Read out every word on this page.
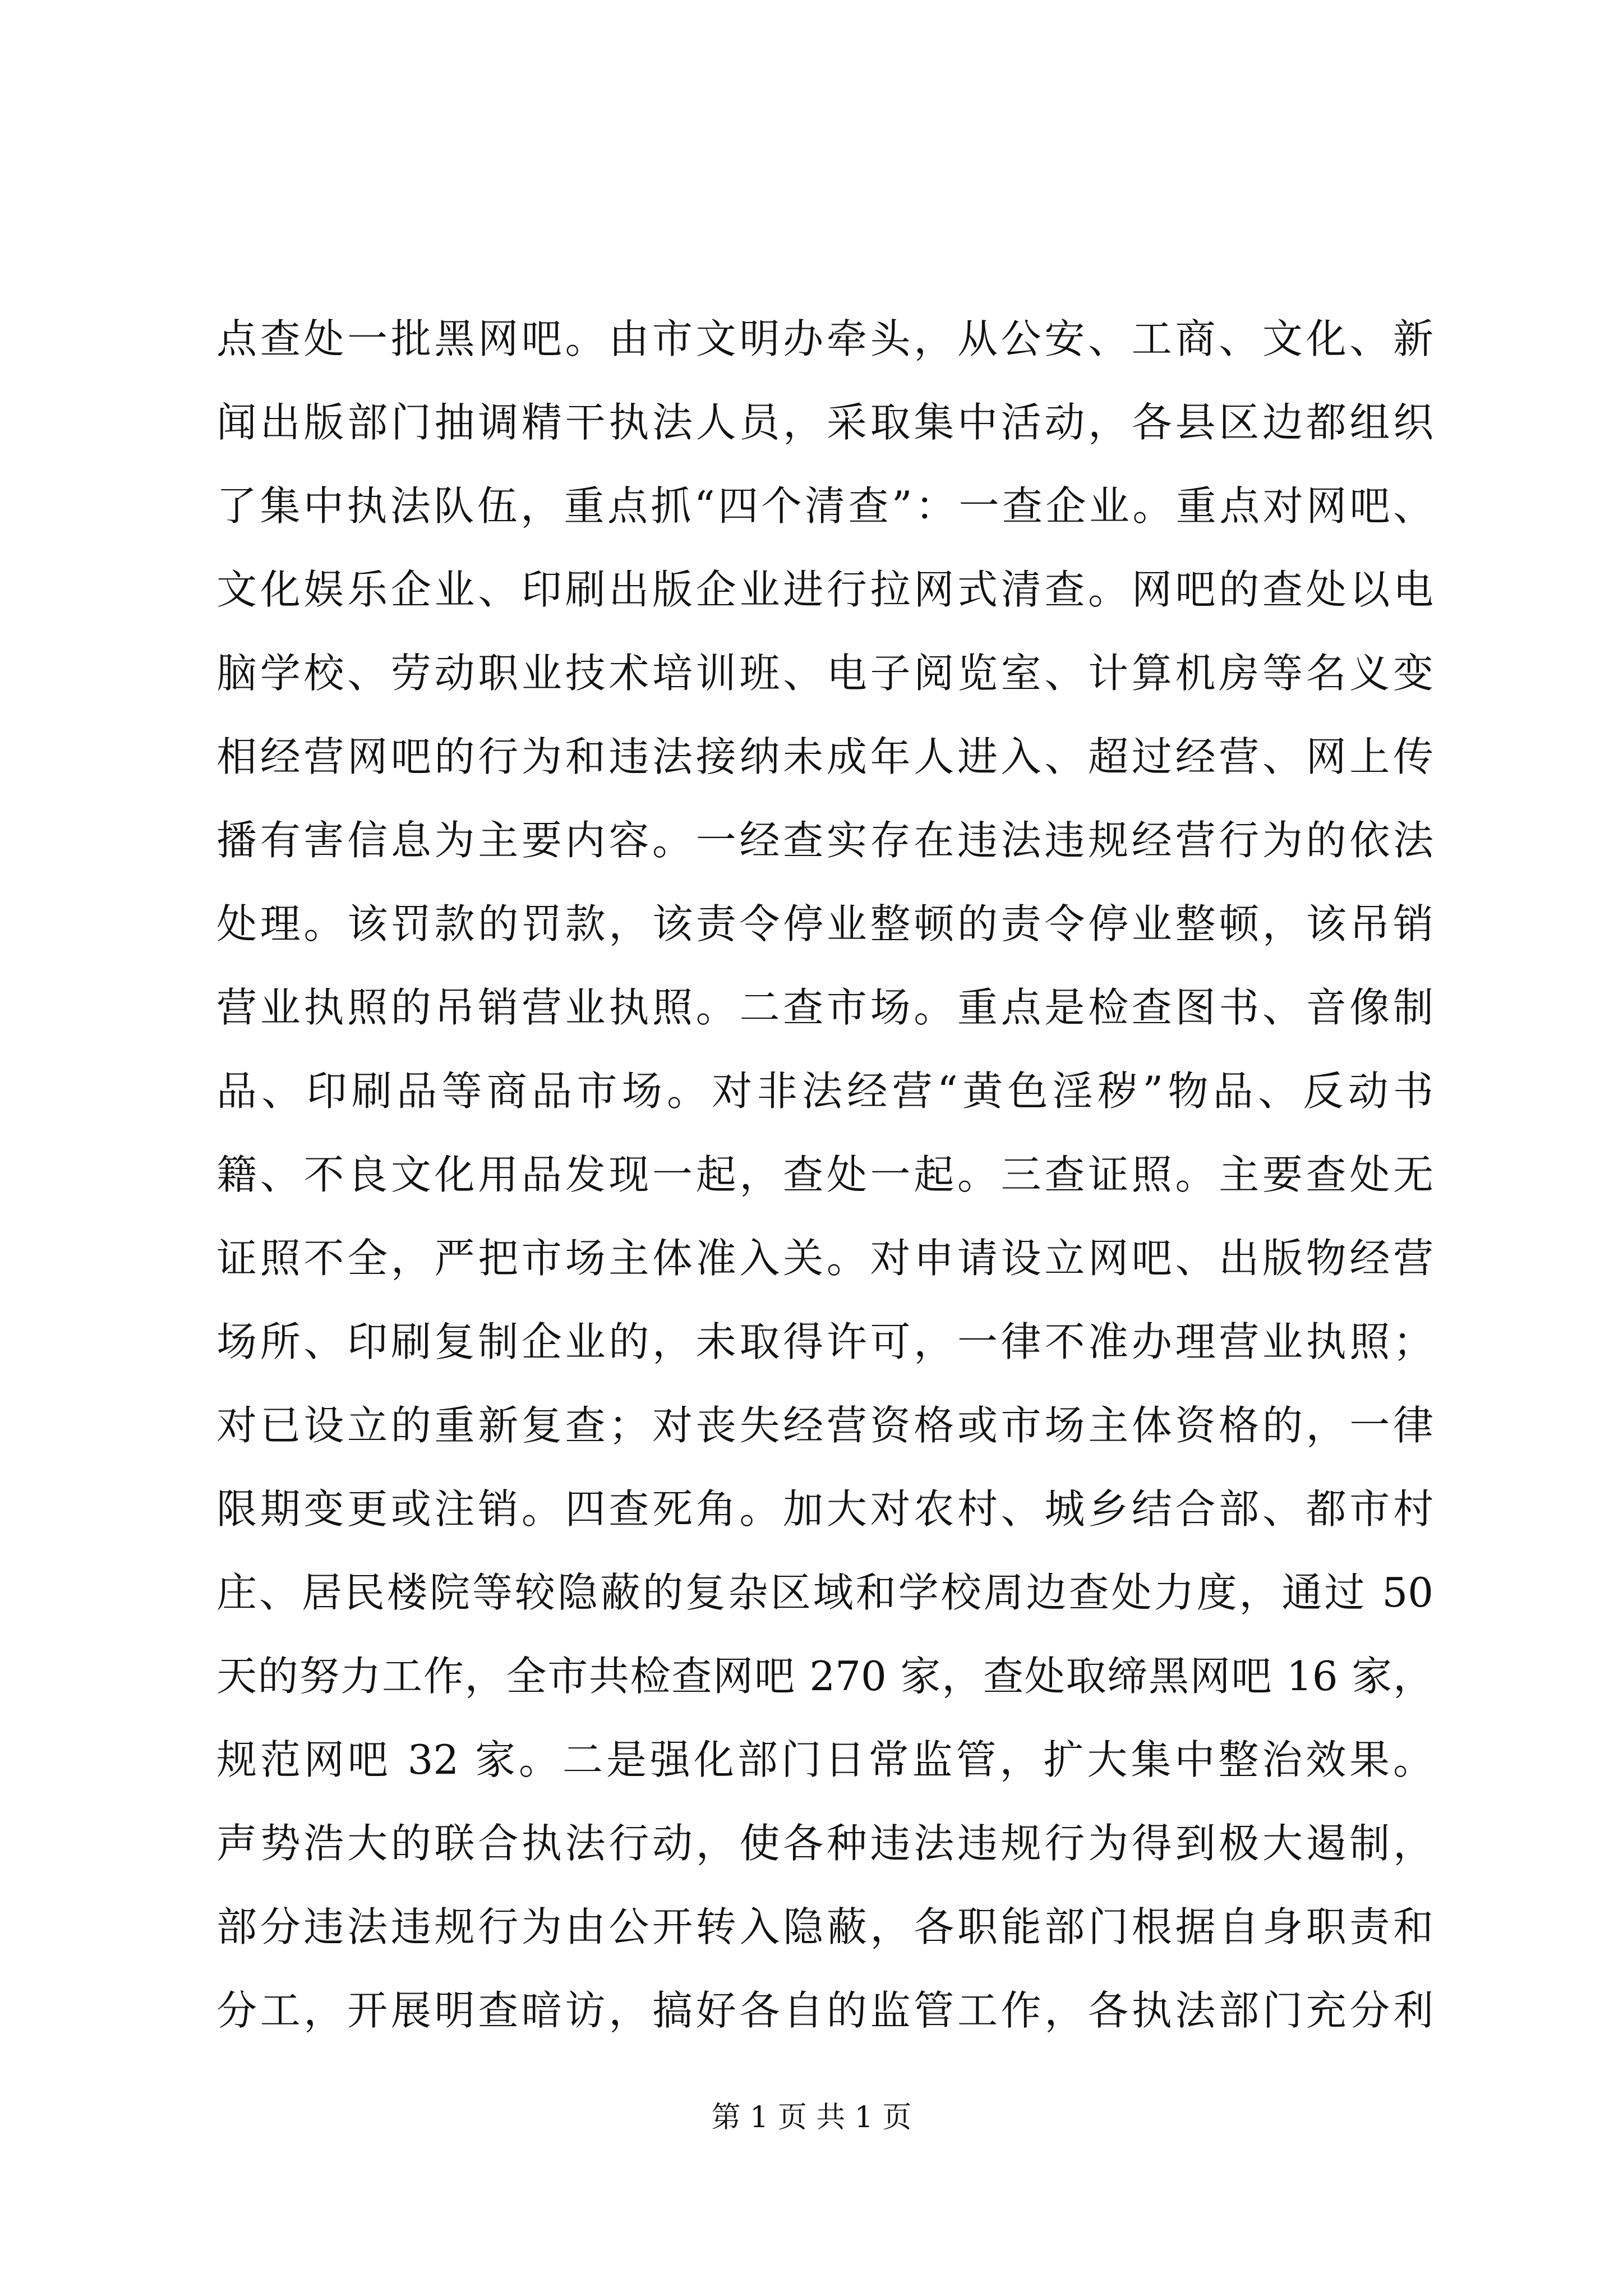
点查处一批黑网吧。由市文明办牵头，从公安、工商、文化、新
闻出版部门抽调精干执法人员，采取集中活动，各县区边都组织
了集中执法队伍，重点抓“四个清查”：一查企业。重点对网吧、
文化娱乐企业、印刷出版企业进行拉网式清查。网吧的查处以电
脑学校、劳动职业技术培训班、电子阅览室、计算机房等名义变
相经营网吧的行为和违法接纳未成年人进入、超过经营、网上传
播有害信息为主要内容。一经查实存在违法违规经营行为的依法
处理。该罚款的罚款，该责令停业整顿的责令停业整顿，该吊销
营业执照的吊销营业执照。二查市场。重点是检查图书、音像制
品、印刷品等商品市场。对非法经营“黄色淫秽”物品、反动书
籍、不良文化用品发现一起，查处一起。三查证照。主要查处无
证照不全，严把市场主体准入关。对申请设立网吧、出版物经营
场所、印刷复制企业的，未取得许可，一律不准办理营业执照；
对已设立的重新复查；对丧失经营资格或市场主体资格的，一律
限期变更或注销。四查死角。加大对农村、城乡结合部、都市村
庄、居民楼院等较隐蔽的复杂区域和学校周边查处力度，通过 50
天的努力工作，全市共检查网吧 270 家，查处取缔黑网吧 16 家，
规范网吧 32 家。二是强化部门日常监管，扩大集中整治效果。
声势浩大的联合执法行动，使各种违法违规行为得到极大遏制，
部分违法违规行为由公开转入隐蔽，各职能部门根据自身职责和
分工，开展明查暗访，搞好各自的监管工作，各执法部门充分利
第 1 页 共 1 页
